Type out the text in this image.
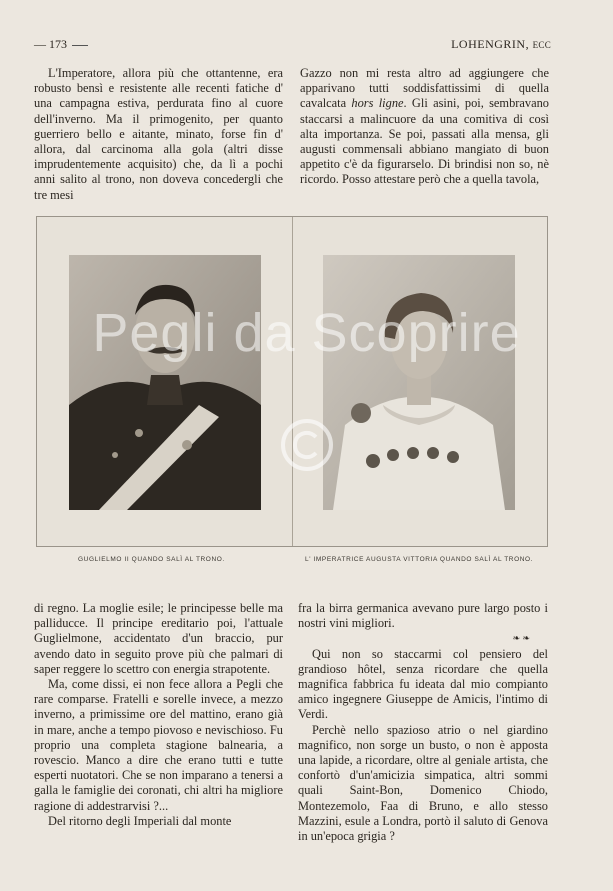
— 173	LOHENGRIN, ECC

L'Imperatore, allora più che ottantenne, era robusto bensì e resistente alle recenti fatiche d' una campagna estiva, perdurata fino al cuore dell'inverno. Ma il primogenito, per quanto guerriero bello e aitante, minato, forse fin d' allora, dal carcinoma alla gola (altri disse imprudentemente acquisito) che, da lì a pochi anni salito al trono, non doveva concedergli che tre mesi

Gazzo non mi resta altro ad aggiungere che apparivano tutti soddisfattissimi di quella cavalcata hors ligne. Gli asini, poi, sembravano staccarsi a malincuore da una comitiva di così alta importanza. Se poi, passati alla mensa, gli augusti commensali abbiano mangiato di buon appetito c'è da figurarselo. Di brindisi non so, nè ricordo. Posso attestare però che a quella tavola,

Pegli da Scoprire
GUGLIELMO II QUANDO SALÌ AL TRONO.	L' IMPERATRICE AUGUSTA VITTORIA QUANDO SALÌ AL TRONO.

di regno. La moglie esile; le principesse belle ma palliducce. Il principe ereditario poi, l'attuale Guglielmone, accidentato d'un braccio, pur avendo dato in seguito prove più che palmari di saper reggere lo scettro con energia strapotente.

Ma, come dissi, ei non fece allora a Pegli che rare comparse. Fratelli e sorelle invece, a mezzo inverno, a primissime ore del mattino, erano già in mare, anche a tempo piovoso e nevischioso. Fu proprio una completa stagione balnearia, a rovescio. Manco a dire che erano tutti e tutte esperti nuotatori. Che se non imparano a tenersi a galla le famiglie dei coronati, chi altri ha migliore ragione di addestrarvisi ?...

Del ritorno degli Imperiali dal monte

fra la birra germanica avevano pure largo posto i nostri vini migliori.

❧ ❧

Qui non so staccarmi col pensiero del grandioso hôtel, senza ricordare che quella magnifica fabbrica fu ideata dal mio compianto amico ingegnere Giuseppe de Amicis, l'intimo di Verdi.

Perchè nello spazioso atrio o nel giardino magnifico, non sorge un busto, o non è apposta una lapide, a ricordare, oltre al geniale artista, che confortò d'un'amicizia simpatica, altri sommi quali Saint-Bon, Domenico Chiodo, Montezemolo, Faa di Bruno, e allo stesso Mazzini, esule a Londra, portò il saluto di Genova in un'epoca grigia ?
